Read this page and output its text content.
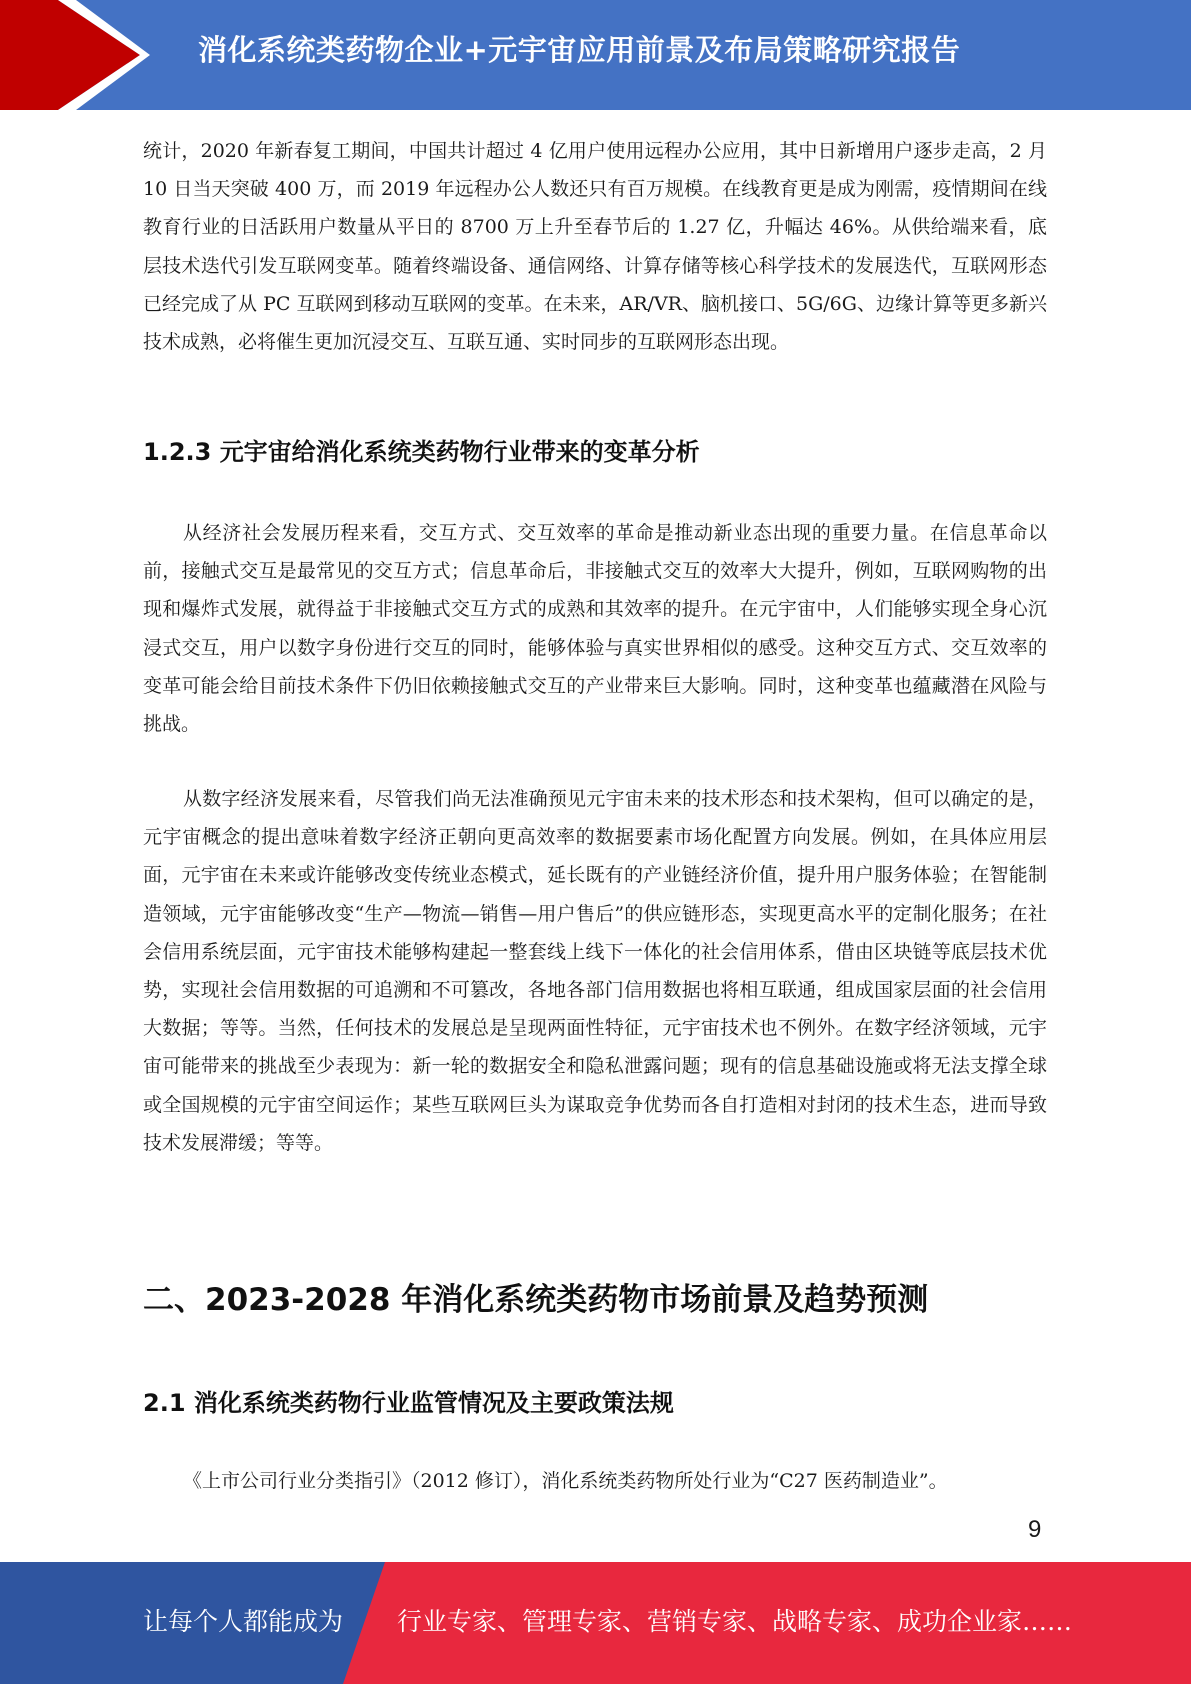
消化系统类药物企业+元宇宙应用前景及布局策略研究报告

统计，2020 年新春复工期间，中国共计超过 4 亿用户使用远程办公应用，其中日新增用户逐步走高，2 月 10 日当天突破 400 万，而 2019 年远程办公人数还只有百万规模。在线教育更是成为刚需，疫情期间在线教育行业的日活跃用户数量从平日的 8700 万上升至春节后的 1.27 亿，升幅达 46%。从供给端来看，底层技术迭代引发互联网变革。随着终端设备、通信网络、计算存储等核心科学技术的发展迭代，互联网形态已经完成了从 PC 互联网到移动互联网的变革。在未来，AR/VR、脑机接口、5G/6G、边缘计算等更多新兴技术成熟，必将催生更加沉浸交互、互联互通、实时同步的互联网形态出现。

1.2.3 元宇宙给消化系统类药物行业带来的变革分析

从经济社会发展历程来看，交互方式、交互效率的革命是推动新业态出现的重要力量。在信息革命以前，接触式交互是最常见的交互方式；信息革命后，非接触式交互的效率大大提升，例如，互联网购物的出现和爆炸式发展，就得益于非接触式交互方式的成熟和其效率的提升。在元宇宙中，人们能够实现全身心沉浸式交互，用户以数字身份进行交互的同时，能够体验与真实世界相似的感受。这种交互方式、交互效率的变革可能会给目前技术条件下仍旧依赖接触式交互的产业带来巨大影响。同时，这种变革也蕴藏潜在风险与挑战。

从数字经济发展来看，尽管我们尚无法准确预见元宇宙未来的技术形态和技术架构，但可以确定的是，元宇宙概念的提出意味着数字经济正朝向更高效率的数据要素市场化配置方向发展。例如，在具体应用层面，元宇宙在未来或许能够改变传统业态模式，延长既有的产业链经济价值，提升用户服务体验；在智能制造领域，元宇宙能够改变“生产—物流—销售—用户售后”的供应链形态，实现更高水平的定制化服务；在社会信用系统层面，元宇宙技术能够构建起一整套线上线下一体化的社会信用体系，借由区块链等底层技术优势，实现社会信用数据的可追溯和不可篡改，各地各部门信用数据也将相互联通，组成国家层面的社会信用大数据；等等。当然，任何技术的发展总是呈现两面性特征，元宇宙技术也不例外。在数字经济领域，元宇宙可能带来的挑战至少表现为：新一轮的数据安全和隐私泄露问题；现有的信息基础设施或将无法支撑全球或全国规模的元宇宙空间运作；某些互联网巨头为谋取竞争优势而各自打造相对封闭的技术生态，进而导致技术发展滞缓；等等。

二、2023-2028 年消化系统类药物市场前景及趋势预测
2.1 消化系统类药物行业监管情况及主要政策法规

《上市公司行业分类指引》（2012 修订），消化系统类药物所处行业为“C27 医药制造业”。

9
让每个人都能成为 行业专家、管理专家、营销专家、战略专家、成功企业家……
